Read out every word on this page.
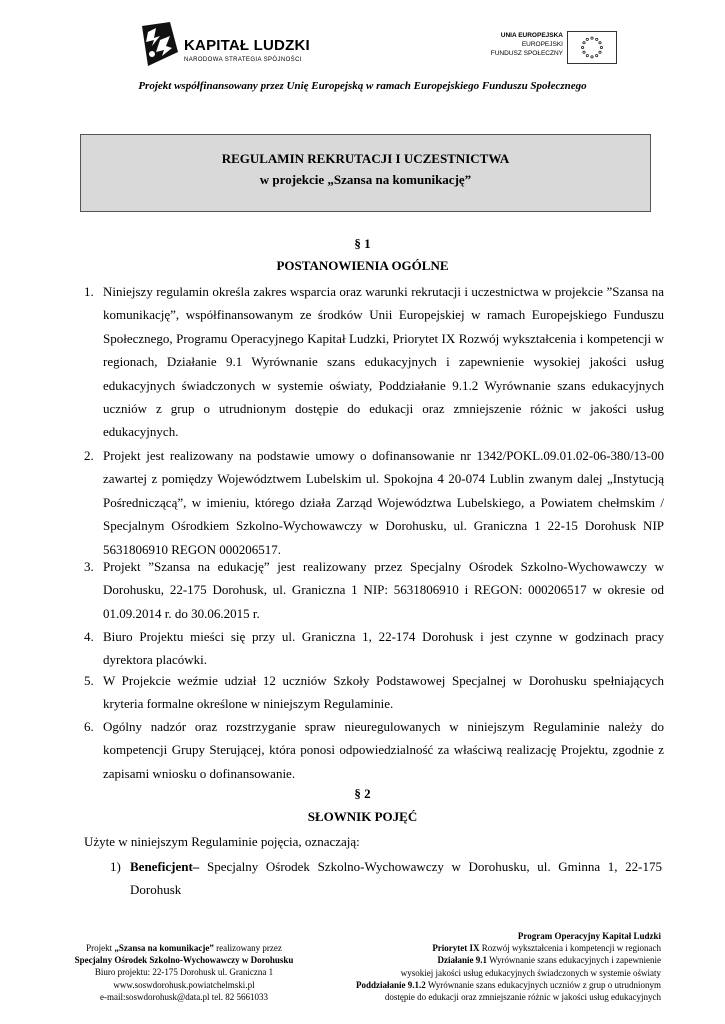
KAPITAŁ LUDZKI
NARODOWA STRATEGIA SPÓJNOŚCI
UNIA EUROPEJSKA
EUROPEJSKI
FUNDUSZ SPOŁECZNY
Projekt współfinansowany przez Unię Europejską w ramach Europejskiego Funduszu Społecznego
REGULAMIN REKRUTACJI I UCZESTNICTWA
w projekcie „Szansa na komunikację”
§ 1
POSTANOWIENIA OGÓLNE
1. Niniejszy regulamin określa zakres wsparcia oraz warunki rekrutacji i uczestnictwa w projekcie ”Szansa na komunikację”, współfinansowanym ze środków Unii Europejskiej w ramach Europejskiego Funduszu Społecznego, Programu Operacyjnego Kapitał Ludzki, Priorytet IX Rozwój wykształcenia i kompetencji w regionach, Działanie 9.1 Wyrównanie szans edukacyjnych i zapewnienie wysokiej jakości usług edukacyjnych świadczonych w systemie oświaty, Poddziałanie 9.1.2 Wyrównanie szans edukacyjnych uczniów z grup o utrudnionym dostępie do edukacji oraz zmniejszenie różnic w jakości usług edukacyjnych.
2. Projekt jest realizowany na podstawie umowy o dofinansowanie nr 1342/POKL.09.01.02-06-380/13-00 zawartej z pomiędzy Województwem Lubelskim ul. Spokojna 4 20-074 Lublin zwanym dalej „Instytucją Pośredniczącą”, w imieniu, którego działa Zarząd Województwa Lubelskiego, a Powiatem chełmskim / Specjalnym Ośrodkiem Szkolno-Wychowawczy w Dorohusku, ul. Graniczna 1 22-15 Dorohusk NIP 5631806910 REGON 000206517.
3. Projekt ”Szansa na edukację” jest realizowany przez Specjalny Ośrodek Szkolno-Wychowawczy w Dorohusku, 22-175 Dorohusk, ul. Graniczna 1 NIP: 5631806910 i REGON: 000206517 w okresie od 01.09.2014 r. do 30.06.2015 r.
4. Biuro Projektu mieści się przy ul. Graniczna 1, 22-174 Dorohusk i jest czynne w godzinach pracy dyrektora placówki.
5. W Projekcie weźmie udział 12 uczniów Szkoły Podstawowej Specjalnej w Dorohusku spełniających kryteria formalne określone w niniejszym Regulaminie.
6. Ogólny nadzór oraz rozstrzyganie spraw nieuregulowanych w niniejszym Regulaminie należy do kompetencji Grupy Sterującej, która ponosi odpowiedzialność za właściwą realizację Projektu, zgodnie z zapisami wniosku o dofinansowanie.
§ 2
SŁOWNIK POJĘĆ
Użyte w niniejszym Regulaminie pojęcia, oznaczają:
1) Beneficjent– Specjalny Ośrodek Szkolno-Wychowawczy w Dorohusku, ul. Gminna 1, 22-175 Dorohusk
Projekt „Szansa na komunikacje” realizowany przez
Specjalny Ośrodek Szkolno-Wychowawczy w Dorohusku
Biuro projektu: 22-175 Dorohusk ul. Graniczna 1
www.soswdorohusk.powiatchelmski.pl
e-mail:soswdorohusk@data.pl tel. 82 5661033
Program Operacyjny Kapitał Ludzki
Priorytet IX Rozwój wykształcenia i kompetencji w regionach
Działanie 9.1 Wyrównanie szans edukacyjnych i zapewnienie
wysokiej jakości usług edukacyjnych świadczonych w systemie oświaty
Poddziałanie 9.1.2 Wyrównanie szans edukacyjnych uczniów z grup o utrudnionym
dostępie do edukacji oraz zmniejszanie różnic w jakości usług edukacyjnych
